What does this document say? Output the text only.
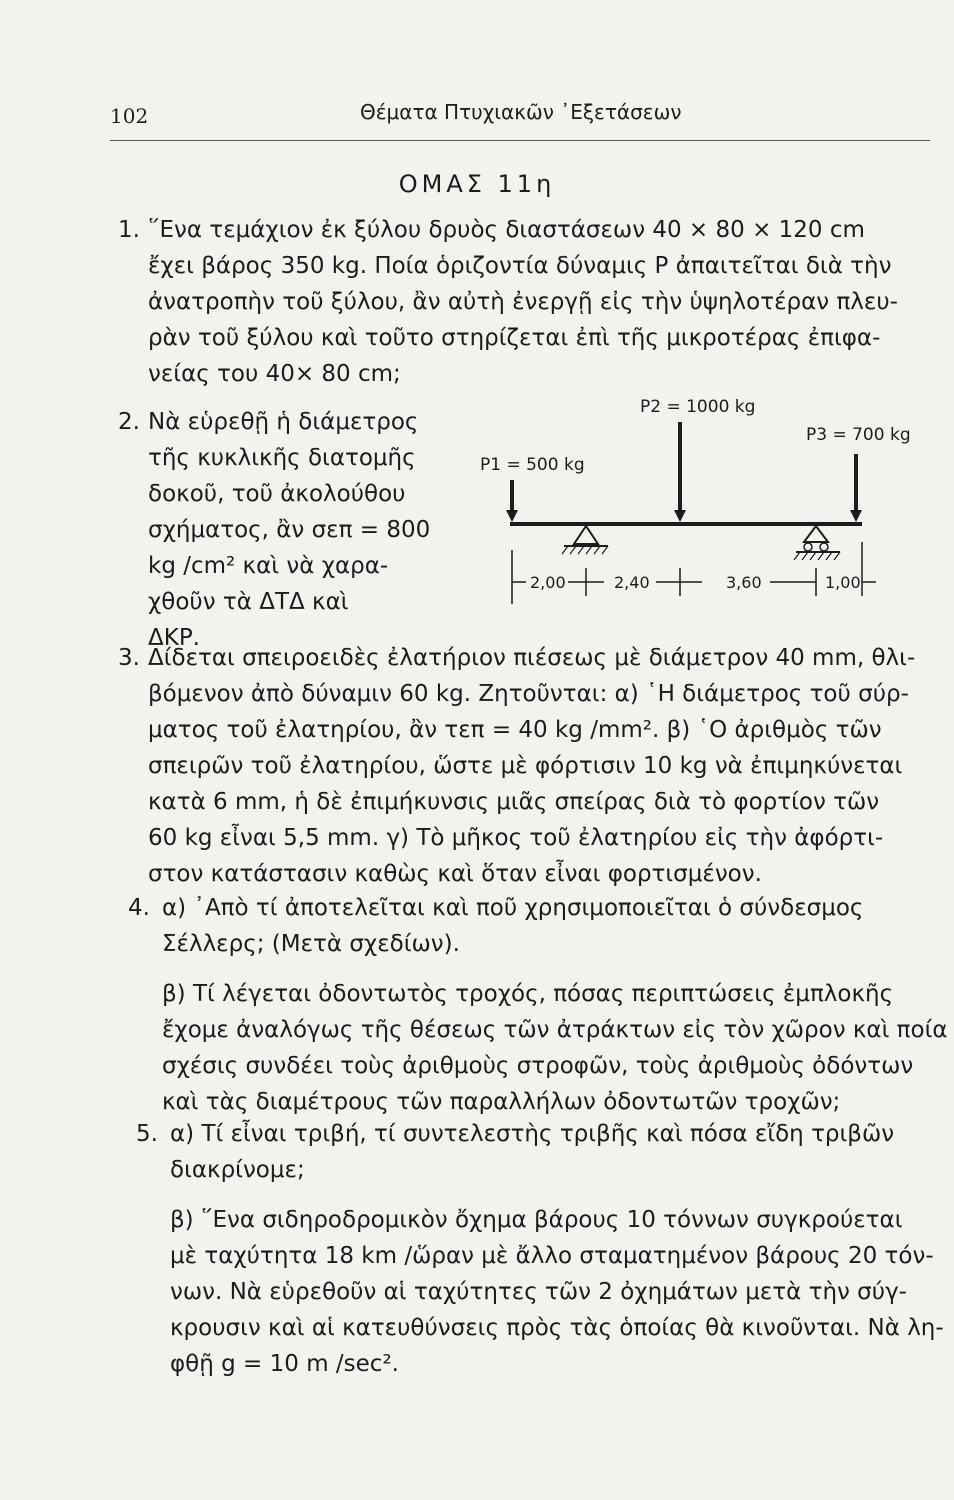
102	Θέματα Πτυχιακῶν ᾿Εξετάσεων
ΟΜΑΣ 11η
1. ῞Ενα τεμάχιον ἐκ ξύλου δρυὸς διαστάσεων 40 × 80 × 120 cm
ἔχει βάρος 350 kg. Ποία ὁριζοντία δύναμις P ἀπαιτεῖται διὰ τὴν
ἀνατροπὴν τοῦ ξύλου, ἂν αὐτὴ ἐνεργῇ εἰς τὴν ὑψηλοτέραν πλευ-
ρὰν τοῦ ξύλου καὶ τοῦτο στηρίζεται ἐπὶ τῆς μικροτέρας ἐπιφα-
νείας του 40× 80 cm;
2. Νὰ εὑρεθῇ ἡ διάμετρος
τῆς κυκλικῆς διατομῆς
δοκοῦ, τοῦ ἀκολούθου
σχήματος, ἂν σεπ = 800
kg /cm² καὶ νὰ χαρα-
χθοῦν τὰ ΔΤΔ καὶ
ΔΚΡ.
P1 = 500 kg
P2 = 1000 kg
P3 = 700 kg
2,00	2,40	3,60	1,00
3. Δίδεται σπειροειδὲς ἐλατήριον πιέσεως μὲ διάμετρον 40 mm, θλι-
βόμενον ἀπὸ δύναμιν 60 kg. Ζητοῦνται: α) ῾Η διάμετρος τοῦ σύρ-
ματος τοῦ ἐλατηρίου, ἂν τεπ = 40 kg /mm². β) ῾Ο ἀριθμὸς τῶν
σπειρῶν τοῦ ἐλατηρίου, ὥστε μὲ φόρτισιν 10 kg νὰ ἐπιμηκύνεται
κατὰ 6 mm, ἡ δὲ ἐπιμήκυνσις μιᾶς σπείρας διὰ τὸ φορτίον τῶν
60 kg εἶναι 5,5 mm. γ) Τὸ μῆκος τοῦ ἐλατηρίου εἰς τὴν ἀφόρτι-
στον κατάστασιν καθὼς καὶ ὅταν εἶναι φορτισμένον.
4. α) ᾿Απὸ τί ἀποτελεῖται καὶ ποῦ χρησιμοποιεῖται ὁ σύνδεσμος
Σέλλερς; (Μετὰ σχεδίων).
β) Τί λέγεται ὀδοντωτὸς τροχός, πόσας περιπτώσεις ἐμπλοκῆς
ἔχομε ἀναλόγως τῆς θέσεως τῶν ἀτράκτων εἰς τὸν χῶρον καὶ ποία
σχέσις συνδέει τοὺς ἀριθμοὺς στροφῶν, τοὺς ἀριθμοὺς ὀδόντων
καὶ τὰς διαμέτρους τῶν παραλλήλων ὀδοντωτῶν τροχῶν;
5. α) Τί εἶναι τριβή, τί συντελεστὴς τριβῆς καὶ πόσα εἴδη τριβῶν
διακρίνομε;
β) ῞Ενα σιδηροδρομικὸν ὄχημα βάρους 10 τόννων συγκρούεται
μὲ ταχύτητα 18 km /ὥραν μὲ ἄλλο σταματημένον βάρους 20 τόν-
νων. Νὰ εὑρεθοῦν αἱ ταχύτητες τῶν 2 ὀχημάτων μετὰ τὴν σύγ-
κρουσιν καὶ αἱ κατευθύνσεις πρὸς τὰς ὁποίας θὰ κινοῦνται. Νὰ λη-
φθῇ g = 10 m /sec².
